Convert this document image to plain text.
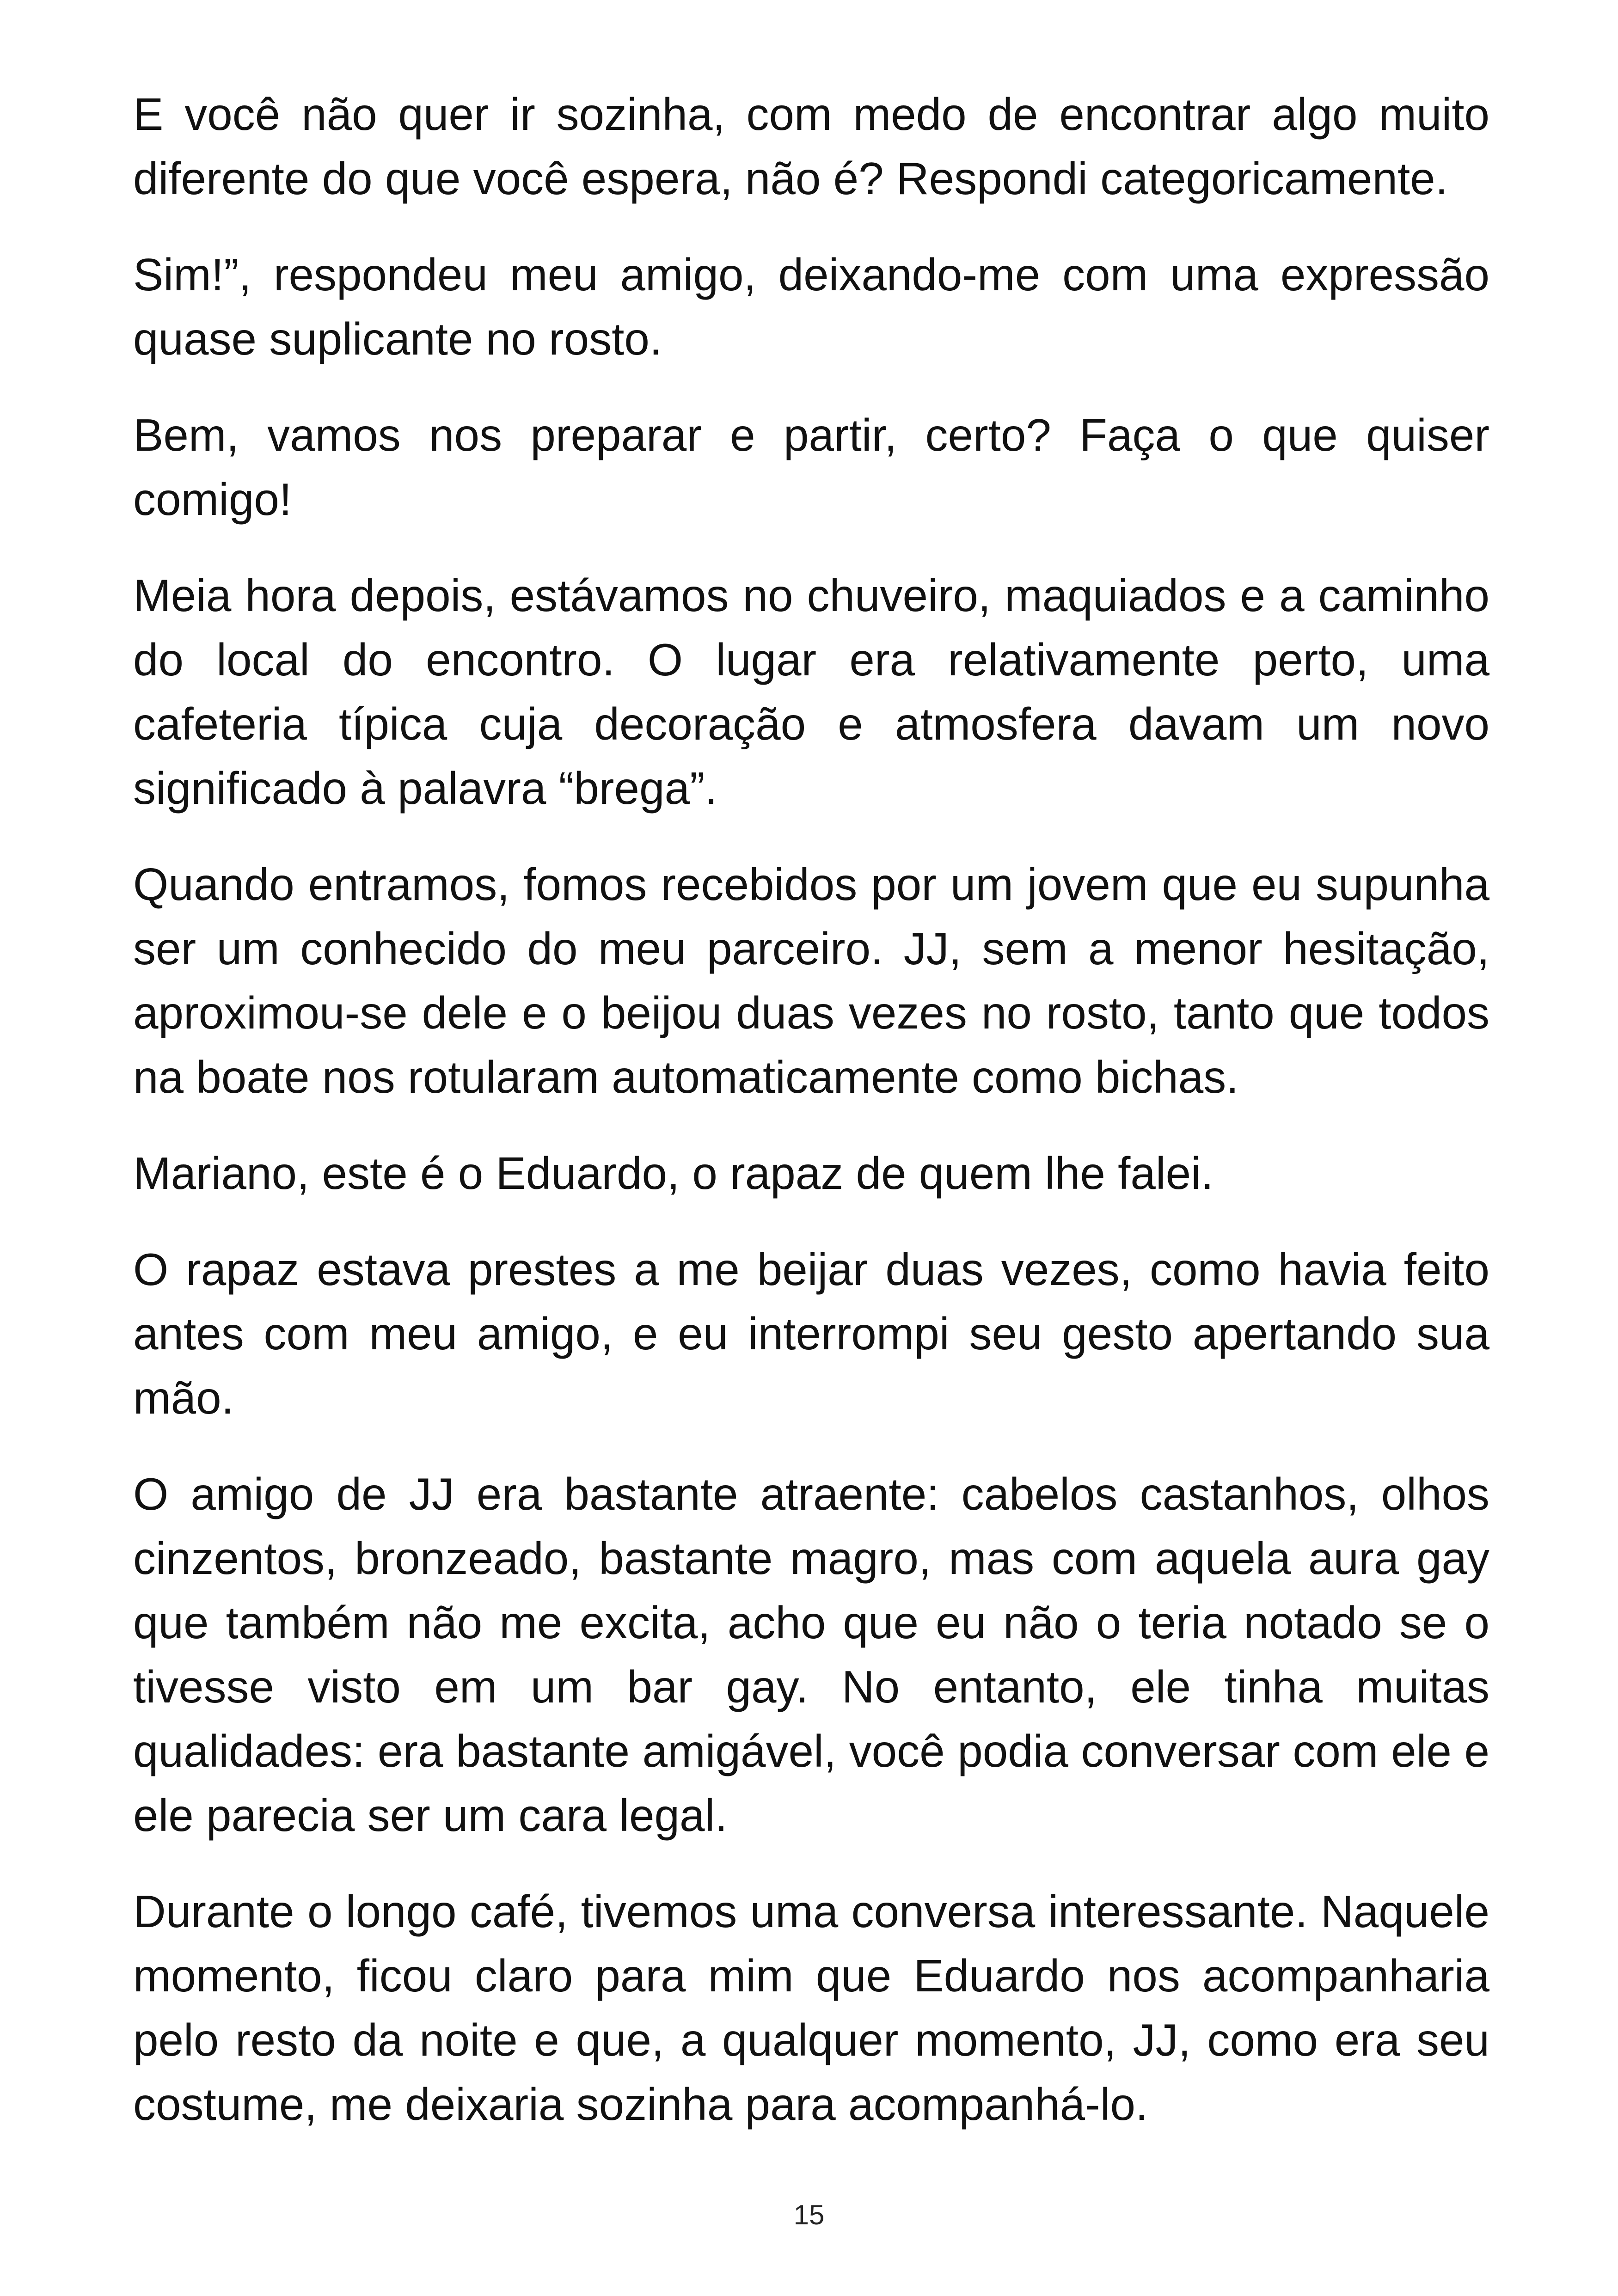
E você não quer ir sozinha, com medo de encontrar algo muito diferente do que você espera, não é? Respondi categoricamente.

Sim!”, respondeu meu amigo, deixando-me com uma expressão quase suplicante no rosto.

Bem, vamos nos preparar e partir, certo? Faça o que quiser comigo!

Meia hora depois, estávamos no chuveiro, maquiados e a caminho do local do encontro. O lugar era relativamente perto, uma cafeteria típica cuja decoração e atmosfera davam um novo significado à palavra “brega”.

Quando entramos, fomos recebidos por um jovem que eu supunha ser um conhecido do meu parceiro. JJ, sem a menor hesitação, aproximou-se dele e o beijou duas vezes no rosto, tanto que todos na boate nos rotularam automaticamente como bichas.

Mariano, este é o Eduardo, o rapaz de quem lhe falei.

O rapaz estava prestes a me beijar duas vezes, como havia feito antes com meu amigo, e eu interrompi seu gesto apertando sua mão.

O amigo de JJ era bastante atraente: cabelos castanhos, olhos cinzentos, bronzeado, bastante magro, mas com aquela aura gay que também não me excita, acho que eu não o teria notado se o tivesse visto em um bar gay. No entanto, ele tinha muitas qualidades: era bastante amigável, você podia conversar com ele e ele parecia ser um cara legal.

Durante o longo café, tivemos uma conversa interessante. Naquele momento, ficou claro para mim que Eduardo nos acompanharia pelo resto da noite e que, a qualquer momento, JJ, como era seu costume, me deixaria sozinha para acompanhá-lo.

15
